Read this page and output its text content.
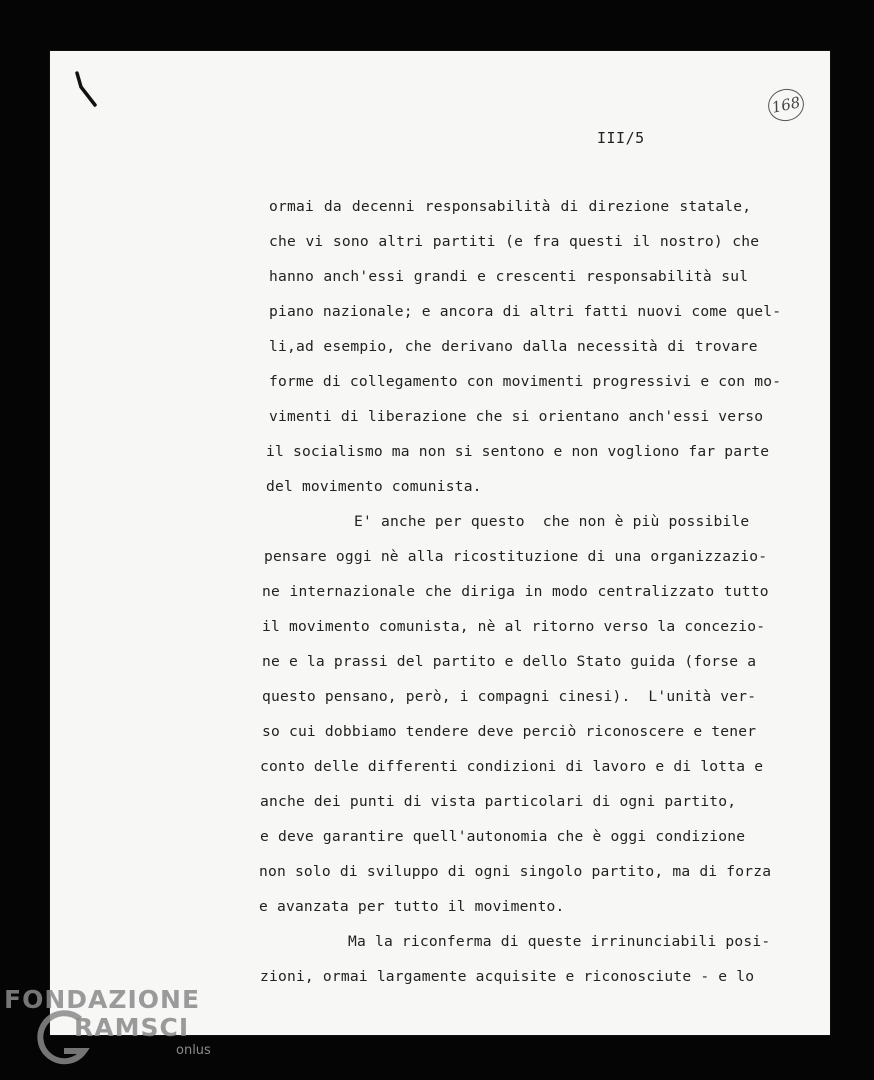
168
III/5
ormai da decenni responsabilità di direzione statale,
che vi sono altri partiti (e fra questi il nostro) che
hanno anch'essi grandi e crescenti responsabilità sul
piano nazionale; e ancora di altri fatti nuovi come quel-
li,ad esempio, che derivano dalla necessità di trovare
forme di collegamento con movimenti progressivi e con mo-
vimenti di liberazione che si orientano anch'essi verso
il socialismo ma non si sentono e non vogliono far parte
del movimento comunista.
E' anche per questo  che non è più possibile
pensare oggi nè alla ricostituzione di una organizzazio-
ne internazionale che diriga in modo centralizzato tutto
il movimento comunista, nè al ritorno verso la concezio-
ne e la prassi del partito e dello Stato guida (forse a
questo pensano, però, i compagni cinesi).  L'unità ver-
so cui dobbiamo tendere deve perciò riconoscere e tener
conto delle differenti condizioni di lavoro e di lotta e
anche dei punti di vista particolari di ogni partito,
e deve garantire quell'autonomia che è oggi condizione
non solo di sviluppo di ogni singolo partito, ma di forza
e avanzata per tutto il movimento.
Ma la riconferma di queste irrinunciabili posi-
zioni, ormai largamente acquisite e riconosciute - e lo
FONDAZIONE
RAMSCI
onlus
